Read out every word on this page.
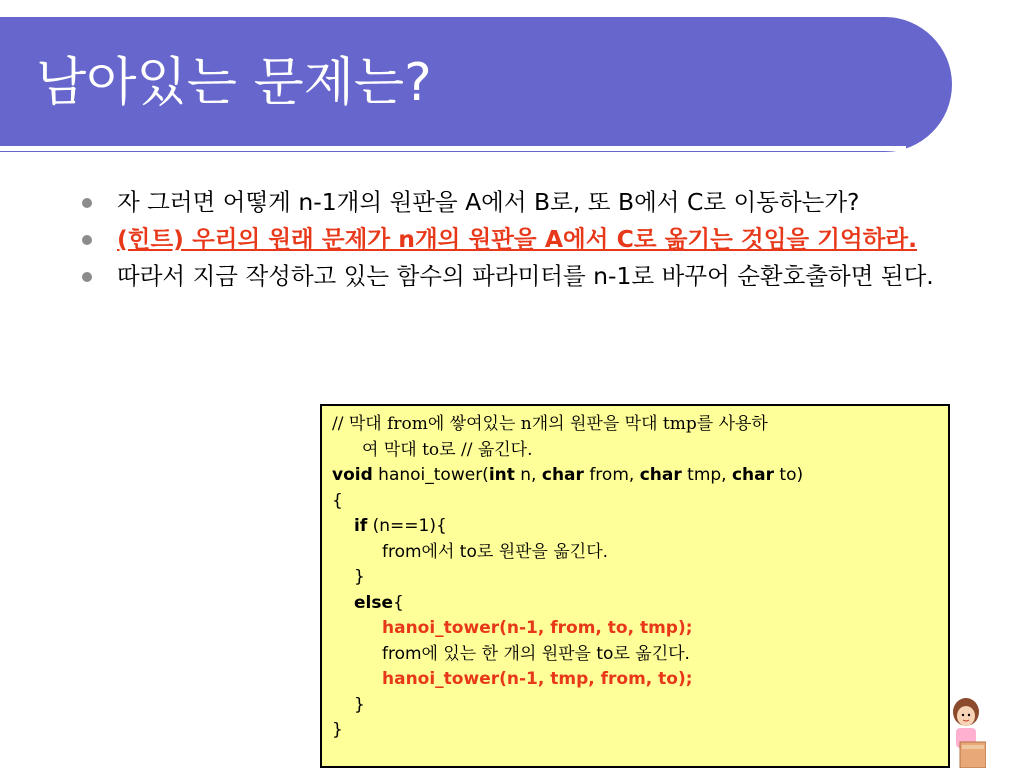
남아있는 문제는?
자 그러면 어떻게 n-1개의 원판을 A에서 B로, 또 B에서 C로 이동하는가?
(힌트) 우리의 원래 문제가 n개의 원판을 A에서 C로 옮기는 것임을 기억하라.
따라서 지금 작성하고 있는 함수의 파라미터를 n-1로 바꾸어 순환호출하면 된다.
// 막대 from에 쌓여있는 n개의 원판을 막대 tmp를 사용하
여 막대 to로 // 옮긴다.
void hanoi_tower(int n, char from, char tmp, char to)
{
if (n==1){
from에서 to로 원판을 옮긴다.
}
else{
hanoi_tower(n-1, from, to, tmp);
from에 있는 한 개의 원판을 to로 옮긴다.
hanoi_tower(n-1, tmp, from, to);
}
}
